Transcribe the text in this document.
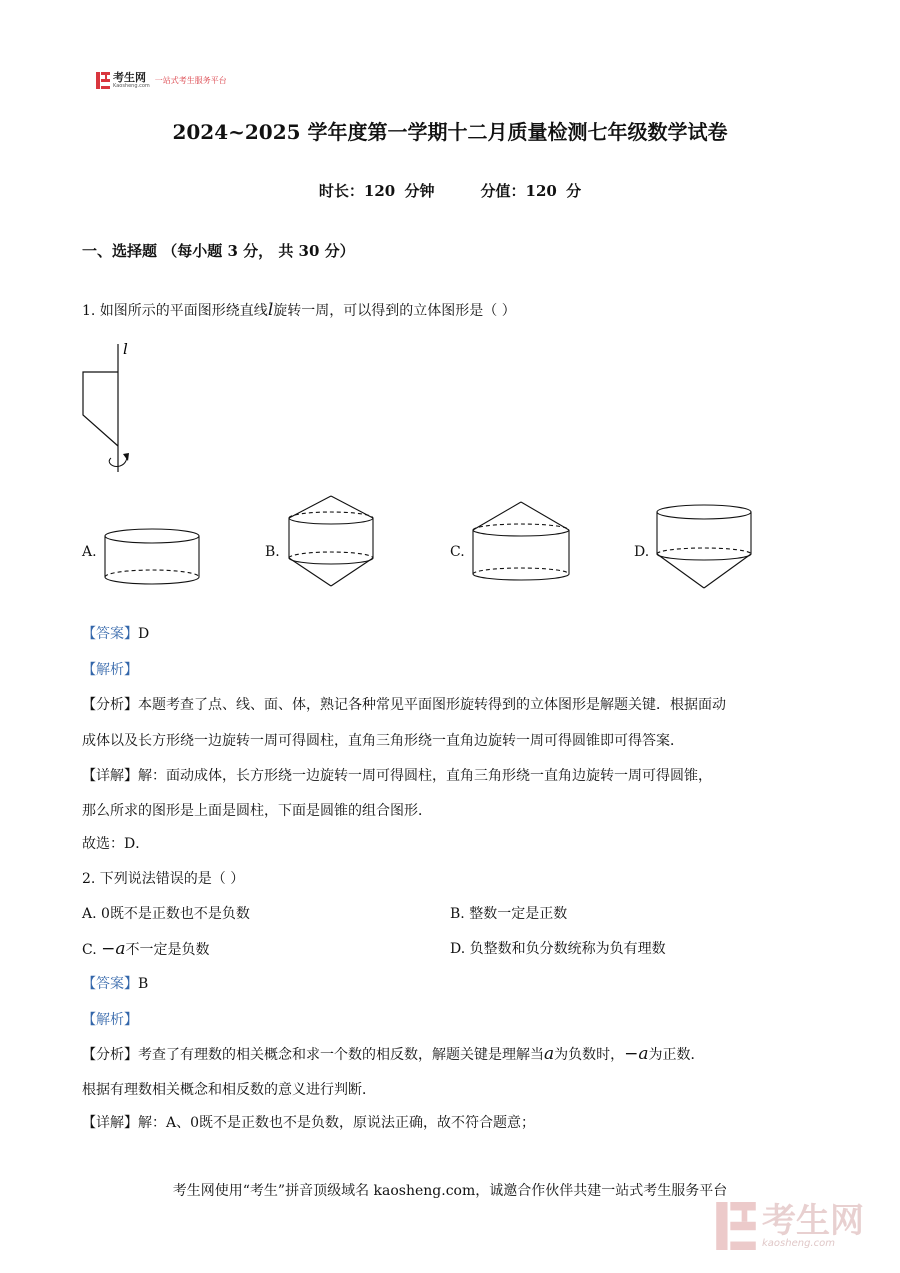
考生网
Kaosheng.com
一站式考生服务平台
2024~2025 学年度第一学期十二月质量检测七年级数学试卷
时长：120 分钟     分值：120 分
一、选择题 （每小题 3 分， 共 30 分）
1. 如图所示的平面图形绕直线l旋转一周，可以得到的立体图形是（ ）
l
A.	B.	C.	D.
【答案】D
【解析】
【分析】本题考查了点、线、面、体，熟记各种常见平面图形旋转得到的立体图形是解题关键．根据面动
成体以及长方形绕一边旋转一周可得圆柱，直角三角形绕一直角边旋转一周可得圆锥即可得答案．
【详解】解：面动成体，长方形绕一边旋转一周可得圆柱，直角三角形绕一直角边旋转一周可得圆锥，
那么所求的图形是上面是圆柱，下面是圆锥的组合图形．
故选：D．
2. 下列说法错误的是（ ）
A. 0既不是正数也不是负数	B. 整数一定是正数
C. −a不一定是负数	D. 负整数和负分数统称为负有理数
【答案】B
【解析】
【分析】考查了有理数的相关概念和求一个数的相反数，解题关键是理解当a为负数时，−a为正数．
根据有理数相关概念和相反数的意义进行判断．
【详解】解：A、0既不是正数也不是负数，原说法正确，故不符合题意；
考生网使用“考生”拼音顶级域名 kaosheng.com，诚邀合作伙伴共建一站式考生服务平台
考生网
kaosheng.com
